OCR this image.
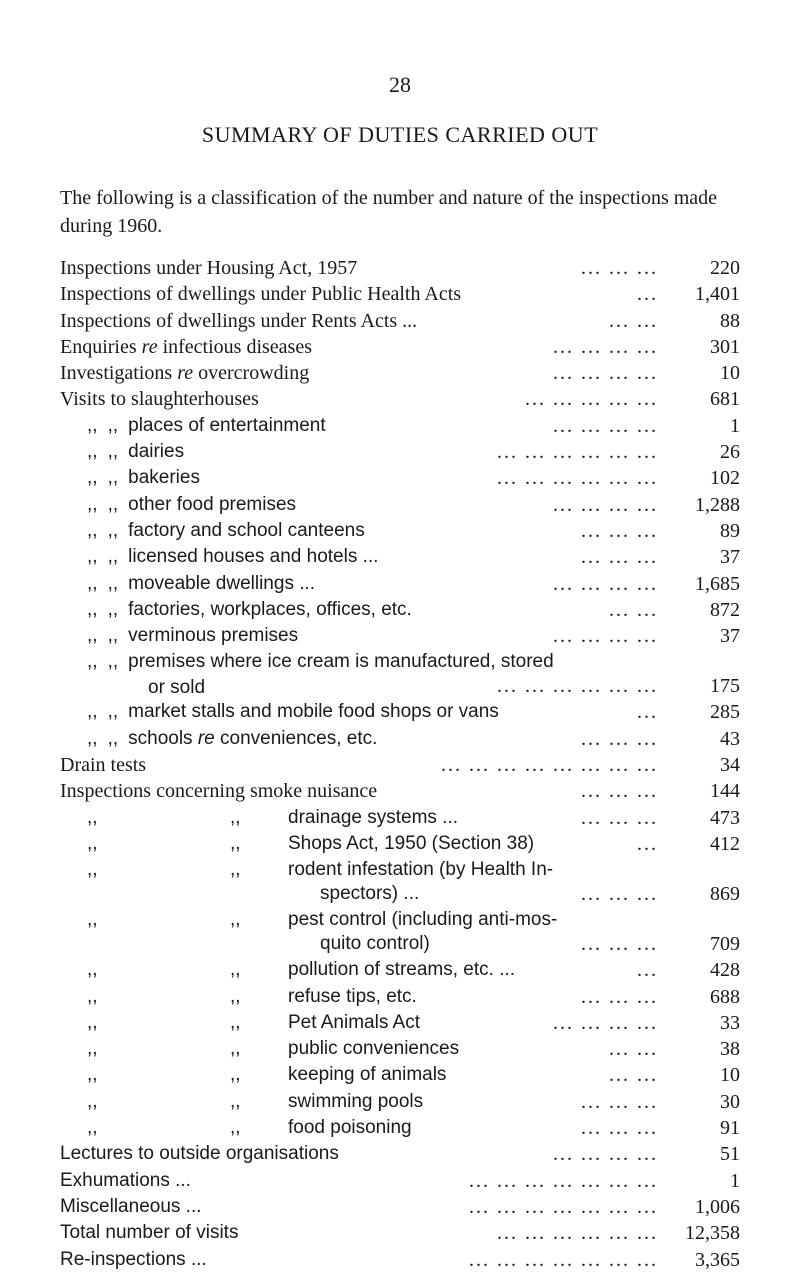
28
SUMMARY OF DUTIES CARRIED OUT
The following is a classification of the number and nature of the inspections made during 1960.
Inspections under Housing Act, 1957	... ... ...	220
Inspections of dwellings under Public Health Acts	... 1,401
Inspections of dwellings under Rents Acts ...	... ...	88
Enquiries re infectious diseases	... ... ... ...	301
Investigations re overcrowding	... ... ... ...	10
Visits to slaughterhouses	... ... ... ... ...	681
,, ,, places of entertainment	... ... ... ...	1
,, ,, dairies	... ... ... ... ... ...	26
,, ,, bakeries	... ... ... ... ... ...	102
,, ,, other food premises	... ... ... ... 1,288
,, ,, factory and school canteens	... ... ...	89
,, ,, licensed houses and hotels ...	... ... ...	37
,, ,, moveable dwellings ...	... ... ... ... 1,685
,, ,, factories, workplaces, offices, etc.	... ...	872
,, ,, verminous premises	... ... ... ...	37
,, ,, premises where ice cream is manufactured, stored
or sold	... ... ... ... ... ...	175
,, ,, market stalls and mobile food shops or vans	...	285
,, ,, schools re conveniences, etc.	... ... ...	43
Drain tests	... ... ... ... ... ... ... ...	34
Inspections concerning smoke nuisance	... ... ...	144
,,	,, drainage systems ...	... ... ...	473
,,	,, Shops Act, 1950 (Section 38)	...	412
,,	,, rodent infestation (by Health In-
spectors) ...	... ... ...	869
,,	,, pest control (including anti-mos-
quito control)	... ... ...	709
,,	,, pollution of streams, etc. ...	...	428
,,	,, refuse tips, etc.	... ... ...	688
,,	,, Pet Animals Act	... ... ... ...	33
,,	,, public conveniences	... ...	38
,,	,, keeping of animals	... ...	10
,,	,, swimming pools	... ... ...	30
,,	,, food poisoning	... ... ...	91
Lectures to outside organisations	... ... ... ...	51
Exhumations ...	... ... ... ... ... ... ...	1
Miscellaneous ...	... ... ... ... ... ... ... 1,006
Total number of visits	... ... ... ... ... ... 12,358
Re-inspections ...	... ... ... ... ... ... ... 3,365
